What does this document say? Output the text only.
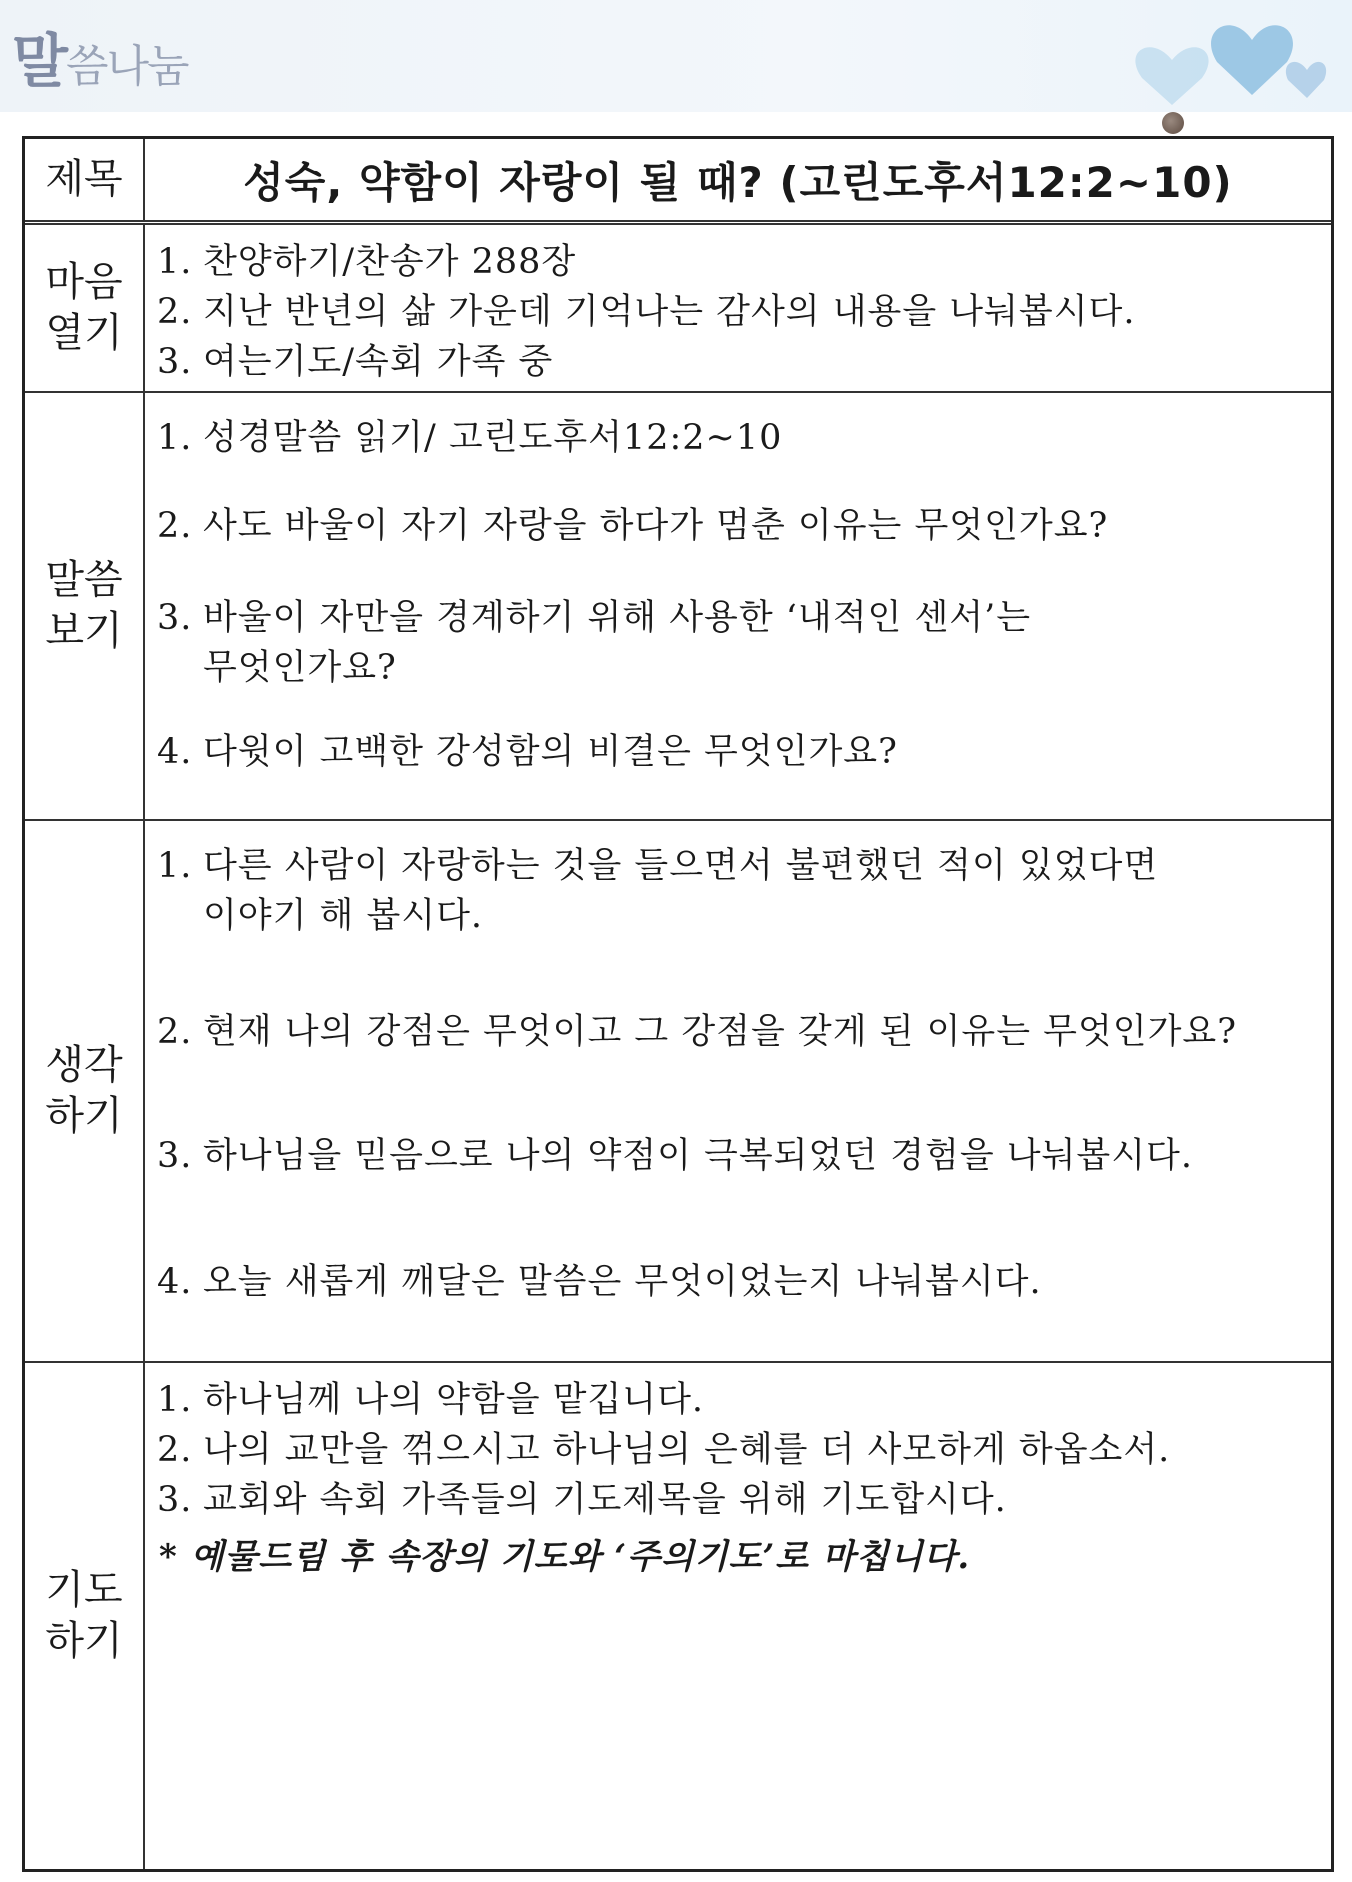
말씀나눔
제목	성숙, 약함이 자랑이 될 때? (고린도후서12:2~10)
마음
열기
1. 찬양하기/찬송가 288장
2. 지난 반년의 삶 가운데 기억나는 감사의 내용을 나눠봅시다.
3. 여는기도/속회 가족 중
말씀
보기
1. 성경말씀 읽기/ 고린도후서12:2~10
2. 사도 바울이 자기 자랑을 하다가 멈춘 이유는 무엇인가요?
3. 바울이 자만을 경계하기 위해 사용한 ‘내적인 센서’는
무엇인가요?
4. 다윗이 고백한 강성함의 비결은 무엇인가요?
생각
하기
1. 다른 사람이 자랑하는 것을 들으면서 불편했던 적이 있었다면
이야기 해 봅시다.
2. 현재 나의 강점은 무엇이고 그 강점을 갖게 된 이유는 무엇인가요?
3. 하나님을 믿음으로 나의 약점이 극복되었던 경험을 나눠봅시다.
4. 오늘 새롭게 깨달은 말씀은 무엇이었는지 나눠봅시다.
기도
하기
1. 하나님께 나의 약함을 맡깁니다.
2. 나의 교만을 꺾으시고 하나님의 은혜를 더 사모하게 하옵소서.
3. 교회와 속회 가족들의 기도제목을 위해 기도합시다.
* 예물드림 후 속장의 기도와 ‘주의기도’로 마칩니다.
